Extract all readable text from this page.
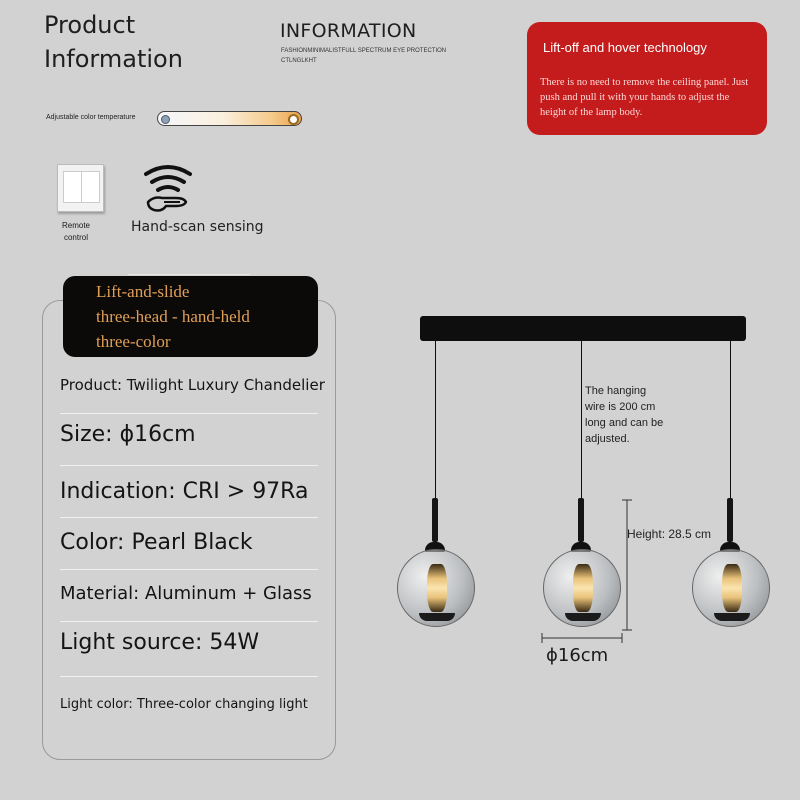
Product
Information
INFORMATION
FASHIONMINIMALISTFULL SPECTRUM EYE PROTECTION CTLNGLKHT
Adjustable color temperature
Lift-off and hover technology
There is no need to remove the ceiling panel. Just push and pull it with your hands to adjust the height of the lamp body.
Remote control
Hand-scan sensing
Lift-and-slide
three-head - hand-held
three-color
Product: Twilight Luxury Chandelier
Size: ϕ16cm
Indication: CRI > 97Ra
Color: Pearl Black
Material: Aluminum + Glass
Light source: 54W
Light color: Three-color changing light
The hanging wire is 200 cm long and can be adjusted.
Height: 28.5 cm
ϕ16cm
